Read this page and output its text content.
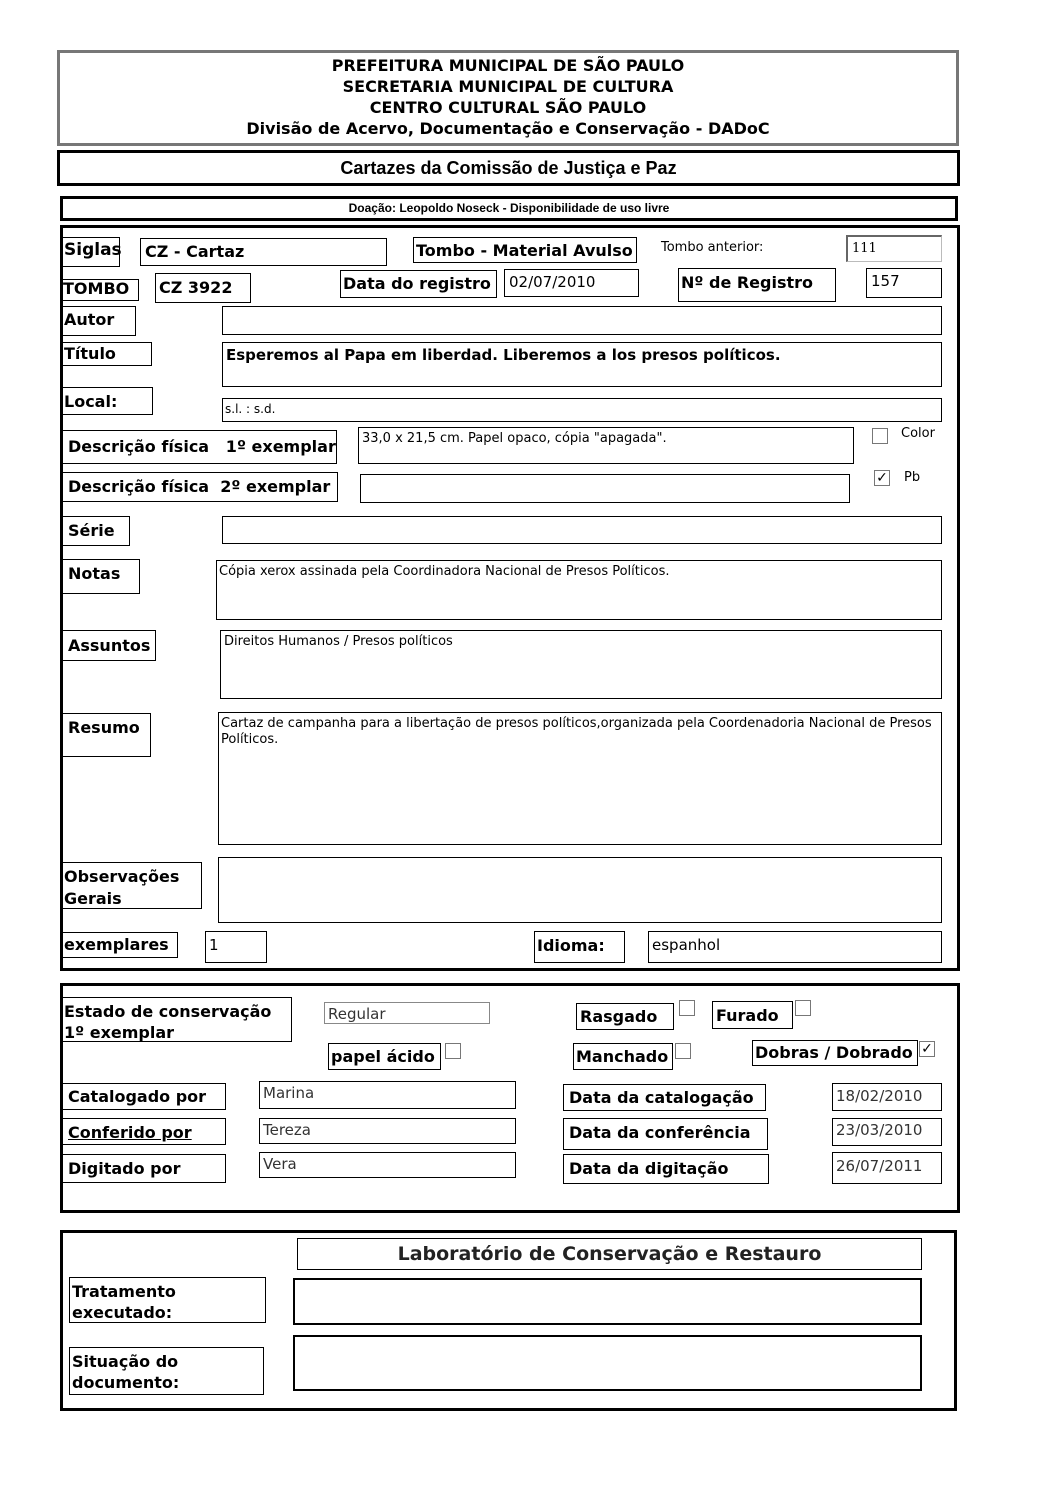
PREFEITURA MUNICIPAL DE SÃO PAULO
SECRETARIA MUNICIPAL DE CULTURA
CENTRO CULTURAL SÃO PAULO
Divisão de Acervo, Documentação e Conservação - DADoC
Cartazes da Comissão de Justiça e Paz
Doação: Leopoldo Noseck - Disponibilidade de uso livre
Siglas	CZ - Cartaz	Tombo - Material Avulso	Tombo anterior:	111
TOMBO	CZ 3922	Data do registro	02/07/2010	Nº de Registro	157
Autor
Título	Esperemos al Papa em liberdad. Liberemos a los presos políticos.
Local:	s.l. : s.d.
Descrição física   1º exemplar	33,0 x 21,5 cm. Papel opaco, cópia "apagada".	Color
Descrição física  2º exemplar	✓ Pb
Série
Notas	Cópia xerox assinada pela Coordinadora Nacional de Presos Políticos.
Assuntos	Direitos Humanos / Presos políticos
Resumo	Cartaz de campanha para a libertação de presos políticos,organizada pela Coordenadoria Nacional de Presos Políticos.
Observações
Gerais
exemplares	1	Idioma:	espanhol
Estado de conservação
1º exemplar
Regular	Rasgado	Furado
papel ácido	Manchado	Dobras / Dobrado ✓
Catalogado por	Marina	Data da catalogação	18/02/2010
Conferido por	Tereza	Data da conferência	23/03/2010
Digitado por	Vera	Data da digitação	26/07/2011
Laboratório de Conservação e Restauro
Tratamento
executado:
Situação do
documento:
